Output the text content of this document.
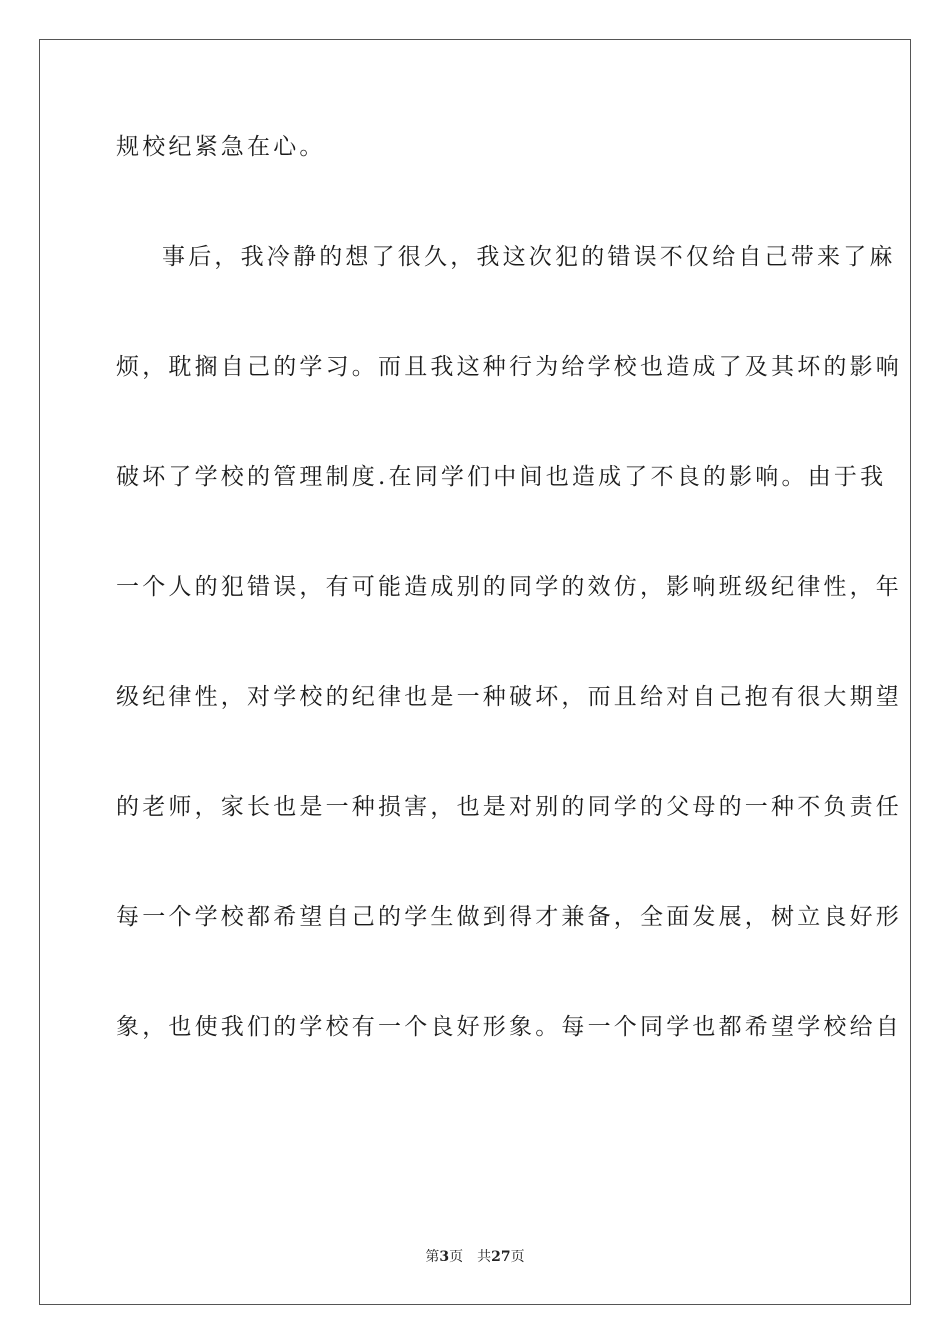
规校纪紧急在心。

事后，我冷静的想了很久，我这次犯的错误不仅给自己带来了麻

烦，耽搁自己的学习。而且我这种行为给学校也造成了及其坏的影响

破坏了学校的管理制度.在同学们中间也造成了不良的影响。由于我

一个人的犯错误，有可能造成别的同学的效仿，影响班级纪律性，年

级纪律性，对学校的纪律也是一种破坏，而且给对自己抱有很大期望

的老师，家长也是一种损害，也是对别的同学的父母的一种不负责任

每一个学校都希望自己的学生做到得才兼备，全面发展，树立良好形

象，也使我们的学校有一个良好形象。每一个同学也都希望学校给自

第3页 共27页
